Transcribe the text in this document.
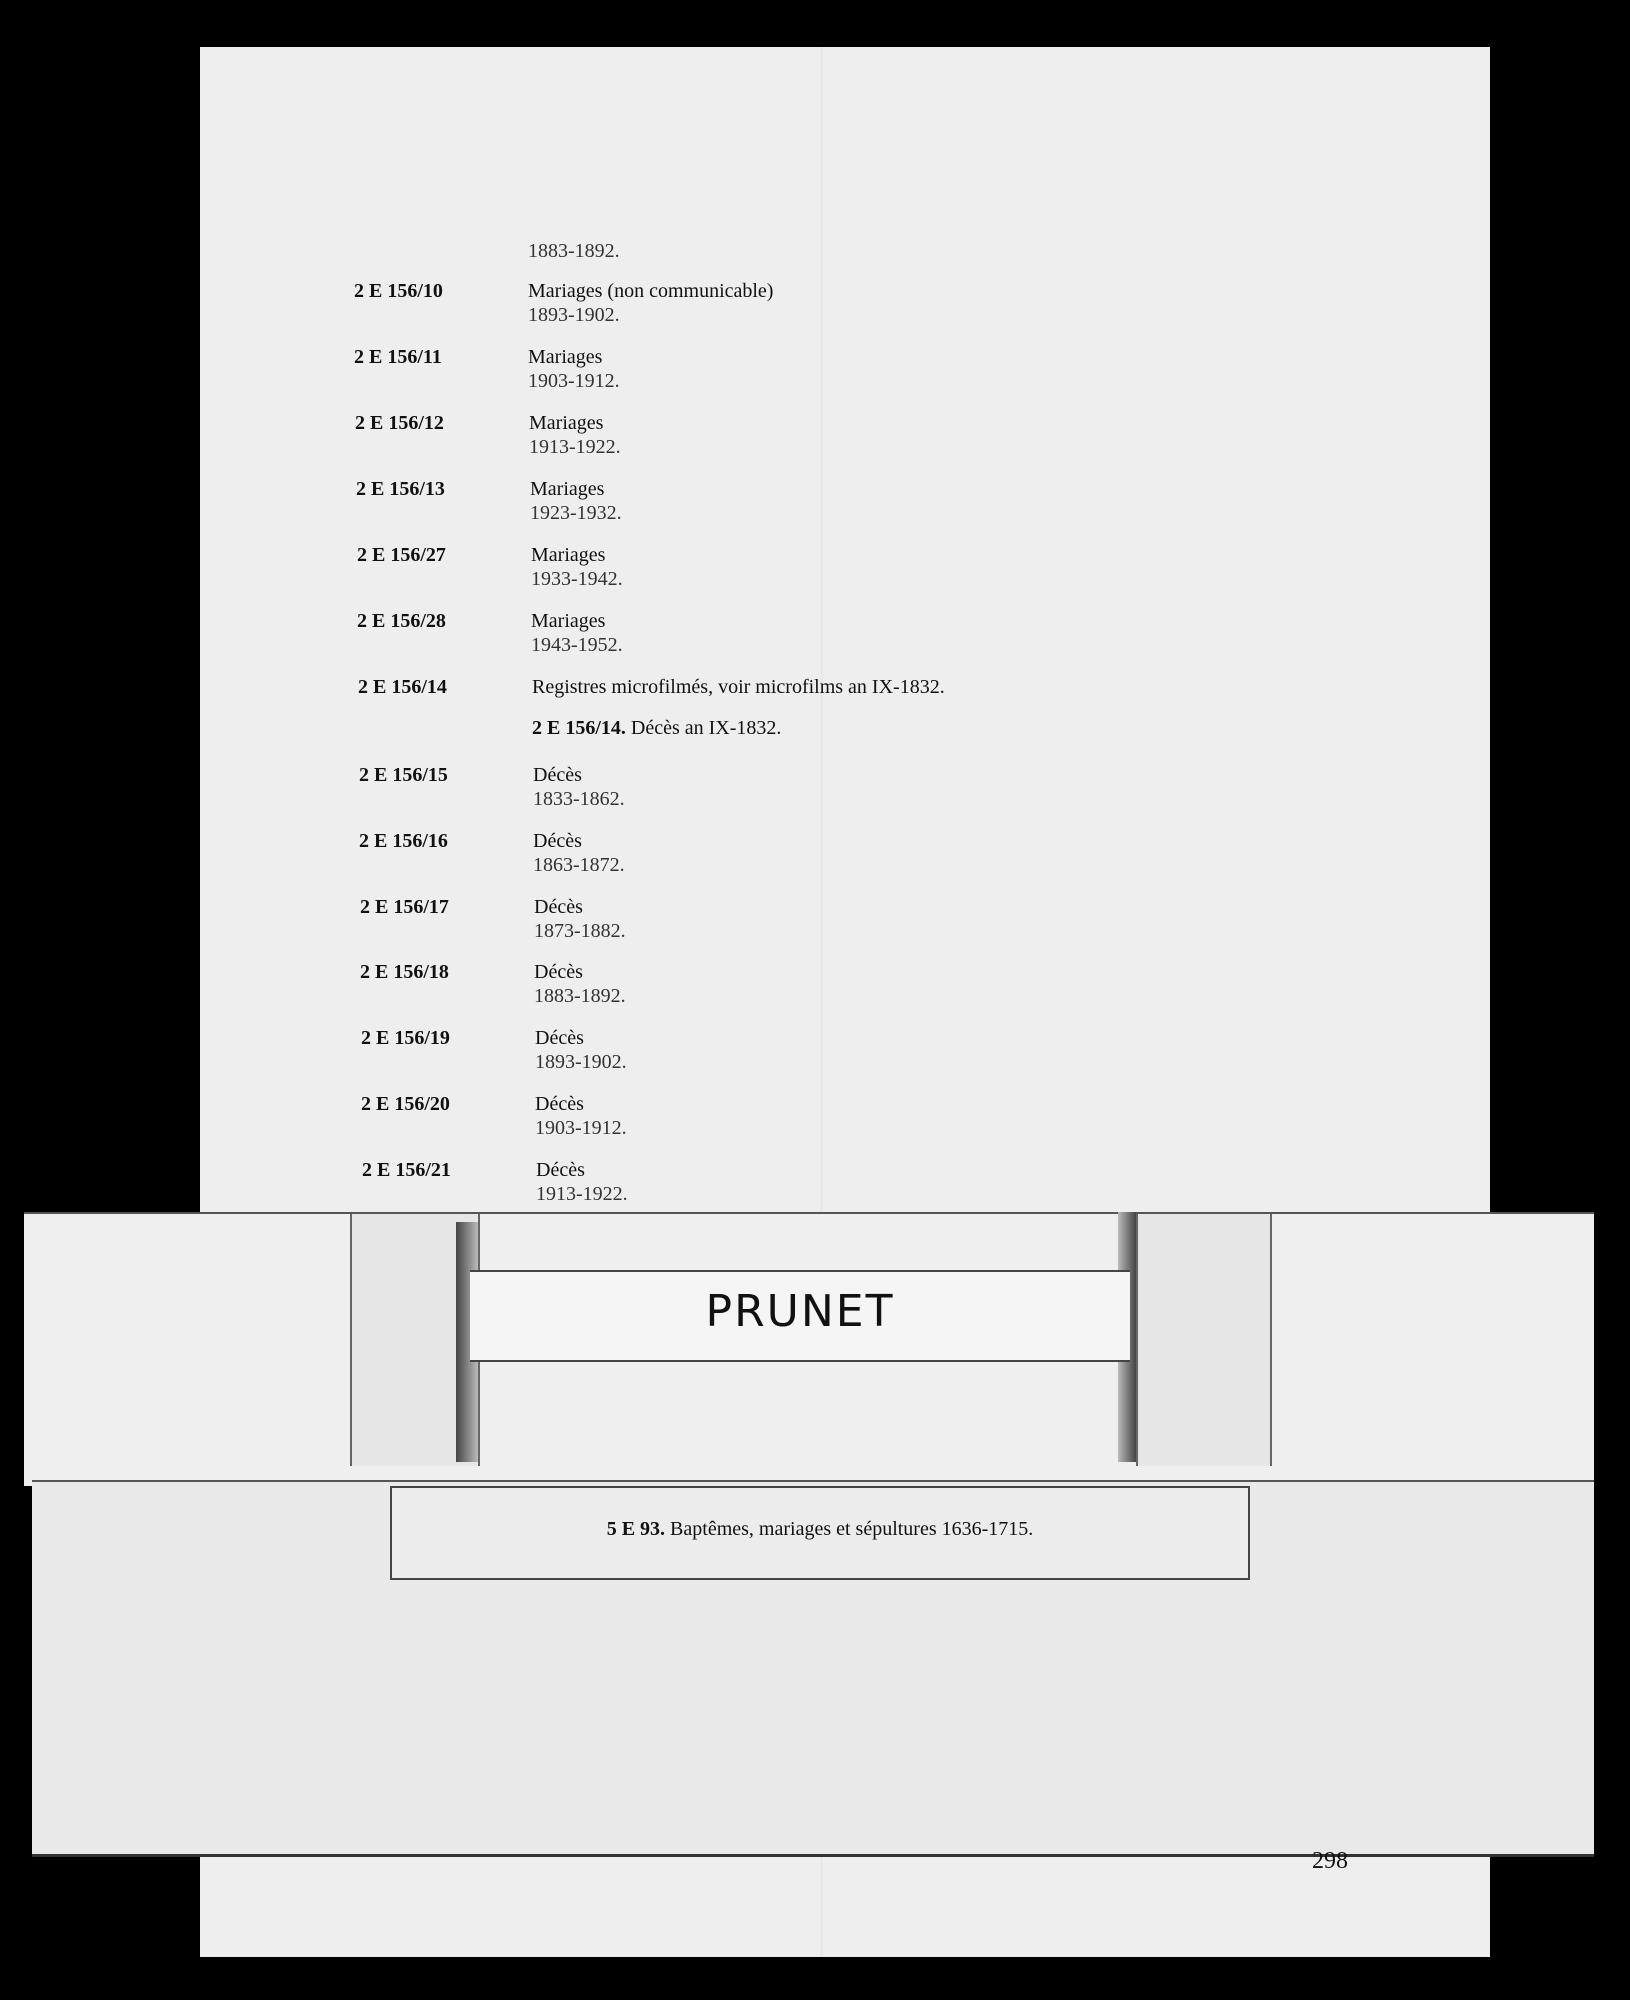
1883-1892.
2 E 156/10	Mariages (non communicable)
1893-1902.
2 E 156/11	Mariages
1903-1912.
2 E 156/12	Mariages
1913-1922.
2 E 156/13	Mariages
1923-1932.
2 E 156/27	Mariages
1933-1942.
2 E 156/28	Mariages
1943-1952.
2 E 156/14	Registres microfilmés, voir microfilms an IX-1832.
2 E 156/14. Décès an IX-1832.
2 E 156/15	Décès
1833-1862.
2 E 156/16	Décès
1863-1872.
2 E 156/17	Décès
1873-1882.
2 E 156/18	Décès
1883-1892.
2 E 156/19	Décès
1893-1902.
2 E 156/20	Décès
1903-1912.
2 E 156/21	Décès
1913-1922.
PRUNET
5 E 93. Baptêmes, mariages et sépultures 1636-1715.
298
